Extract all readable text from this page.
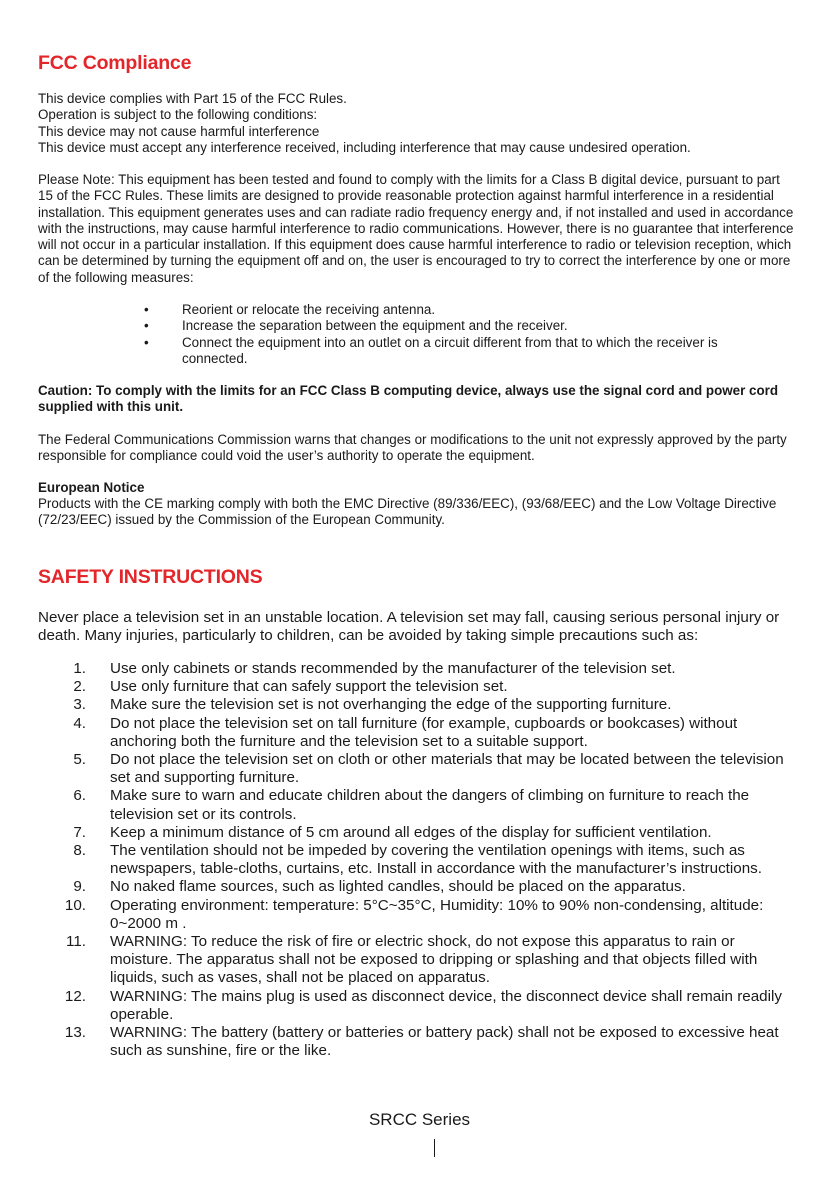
FCC Compliance

This device complies with Part 15 of the FCC Rules.

Operation is subject to the following conditions:

This device may not cause harmful interference

This device must accept any interference received, including interference that may cause undesired operation.

Please Note: This equipment has been tested and found to comply with the limits for a Class B digital device, pursuant to part 15 of the FCC Rules. These limits are designed to provide reasonable protection against harmful interference in a residential installation. This equipment generates uses and can radiate radio frequency energy and, if not installed and used in accordance with the instructions, may cause harmful interference to radio communications. However, there is no guarantee that interference will not occur in a particular installation. If this equipment does cause harmful interference to radio or television reception, which can be determined by turning the equipment off and on, the user is encouraged to try to correct the interference by one or more of the following measures:

• Reorient or relocate the receiving antenna.
• Increase the separation between the equipment and the receiver.
• Connect the equipment into an outlet on a circuit different from that to which the receiver is connected.

Caution: To comply with the limits for an FCC Class B computing device, always use the signal cord and power cord supplied with this unit.

The Federal Communications Commission warns that changes or modifications to the unit not expressly approved by the party responsible for compliance could void the user’s authority to operate the equipment.

European Notice

Products with the CE marking comply with both the EMC Directive (89/336/EEC), (93/68/EEC) and the Low Voltage Directive (72/23/EEC) issued by the Commission of the European Community.

SAFETY INSTRUCTIONS

Never place a television set in an unstable location. A television set may fall, causing serious personal injury or death. Many injuries, particularly to children, can be avoided by taking simple precautions such as:

1.	Use only cabinets or stands recommended by the manufacturer of the television set.
2.	Use only furniture that can safely support the television set.
3.	Make sure the television set is not overhanging the edge of the supporting furniture.
4.	Do not place the television set on tall furniture (for example, cupboards or bookcases) without anchoring both the furniture and the television set to a suitable support.
5.	Do not place the television set on cloth or other materials that may be located between the television set and supporting furniture.
6.	Make sure to warn and educate children about the dangers of climbing on furniture to reach the television set or its controls.
7.	Keep a minimum distance of 5 cm around all edges of the display for sufficient ventilation.
8.	The ventilation should not be impeded by covering the ventilation openings with items, such as newspapers, table-cloths, curtains, etc. Install in accordance with the manufacturer’s instructions.
9.	No naked flame sources, such as lighted candles, should be placed on the apparatus.
10.	Operating environment: temperature: 5°C~35°C, Humidity: 10% to 90% non-condensing, altitude: 0~2000 m .
11.	WARNING: To reduce the risk of fire or electric shock, do not expose this apparatus to rain or moisture. The apparatus shall not be exposed to dripping or splashing and that objects filled with liquids, such as vases, shall not be placed on apparatus.
12.	WARNING: The mains plug is used as disconnect device, the disconnect device shall remain readily operable.
13.	WARNING: The battery (battery or batteries or battery pack) shall not be exposed to excessive heat such as sunshine, fire or the like.
SRCC Series
